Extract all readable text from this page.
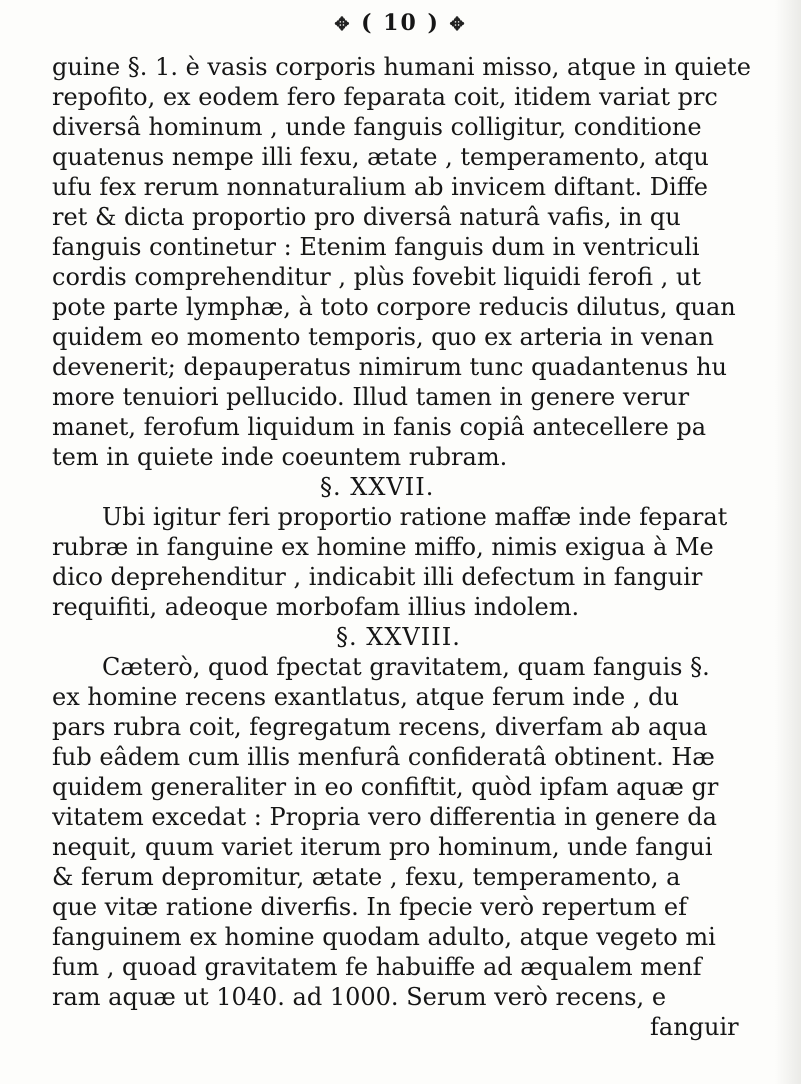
✥ ( 10 ) ✥
guine §. 1. è vasis corporis humani misso, atque in quiete
repofito, ex eodem fero feparata coit, itidem variat prc
diversâ hominum , unde fanguis colligitur, conditione
quatenus nempe illi fexu, ætate , temperamento, atqu
ufu fex rerum nonnaturalium ab invicem diftant. Diffe
ret & dicta proportio pro diversâ naturâ vafis, in qu
fanguis continetur : Etenim fanguis dum in ventriculi
cordis comprehenditur , plùs fovebit liquidi ferofi , ut
pote parte lymphæ, à toto corpore reducis dilutus, quan
quidem eo momento temporis, quo ex arteria in venan
devenerit; depauperatus nimirum tunc quadantenus hu
more tenuiori pellucido. Illud tamen in genere verur
manet, ferofum liquidum in fanis copiâ antecellere pa
tem in quiete inde coeuntem rubram.
§. XXVII.
Ubi igitur feri proportio ratione maffæ inde feparat
rubræ in fanguine ex homine miffo, nimis exigua à Me
dico deprehenditur , indicabit illi defectum in fanguir
requifiti, adeoque morbofam illius indolem.
§. XXVIII.
Cæterò, quod fpectat gravitatem, quam fanguis §.
ex homine recens exantlatus, atque ferum inde , du
pars rubra coit, fegregatum recens, diverfam ab aqua
fub eâdem cum illis menfurâ confideratâ obtinent. Hæ
quidem generaliter in eo confiftit, quòd ipfam aquæ gr
vitatem excedat : Propria vero differentia in genere da
nequit, quum variet iterum pro hominum, unde fangui
& ferum depromitur, ætate , fexu, temperamento, a
que vitæ ratione diverfis. In fpecie verò repertum ef
fanguinem ex homine quodam adulto, atque vegeto mi
fum , quoad gravitatem fe habuiffe ad æqualem menf
ram aquæ ut 1040. ad 1000. Serum verò recens, e
fanguir
